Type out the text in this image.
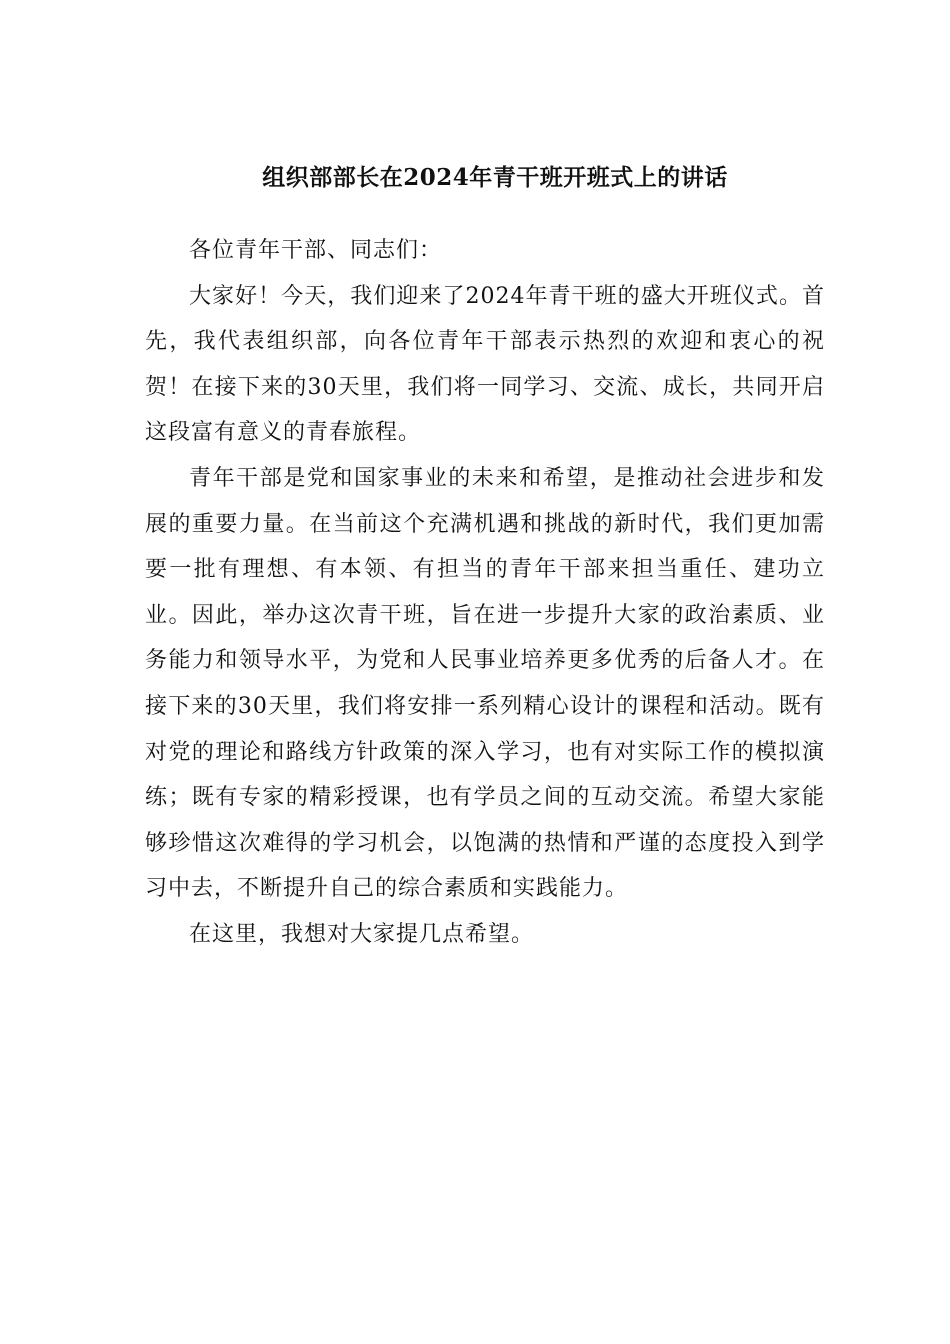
组织部部长在2024年青干班开班式上的讲话

各位青年干部、同志们：

大家好！今天，我们迎来了2024年青干班的盛大开班仪式。首先，我代表组织部，向各位青年干部表示热烈的欢迎和衷心的祝贺！在接下来的30天里，我们将一同学习、交流、成长，共同开启这段富有意义的青春旅程。

青年干部是党和国家事业的未来和希望，是推动社会进步和发展的重要力量。在当前这个充满机遇和挑战的新时代，我们更加需要一批有理想、有本领、有担当的青年干部来担当重任、建功立业。因此，举办这次青干班，旨在进一步提升大家的政治素质、业务能力和领导水平，为党和人民事业培养更多优秀的后备人才。在接下来的30天里，我们将安排一系列精心设计的课程和活动。既有对党的理论和路线方针政策的深入学习，也有对实际工作的模拟演练；既有专家的精彩授课，也有学员之间的互动交流。希望大家能够珍惜这次难得的学习机会，以饱满的热情和严谨的态度投入到学习中去，不断提升自己的综合素质和实践能力。

在这里，我想对大家提几点希望。
